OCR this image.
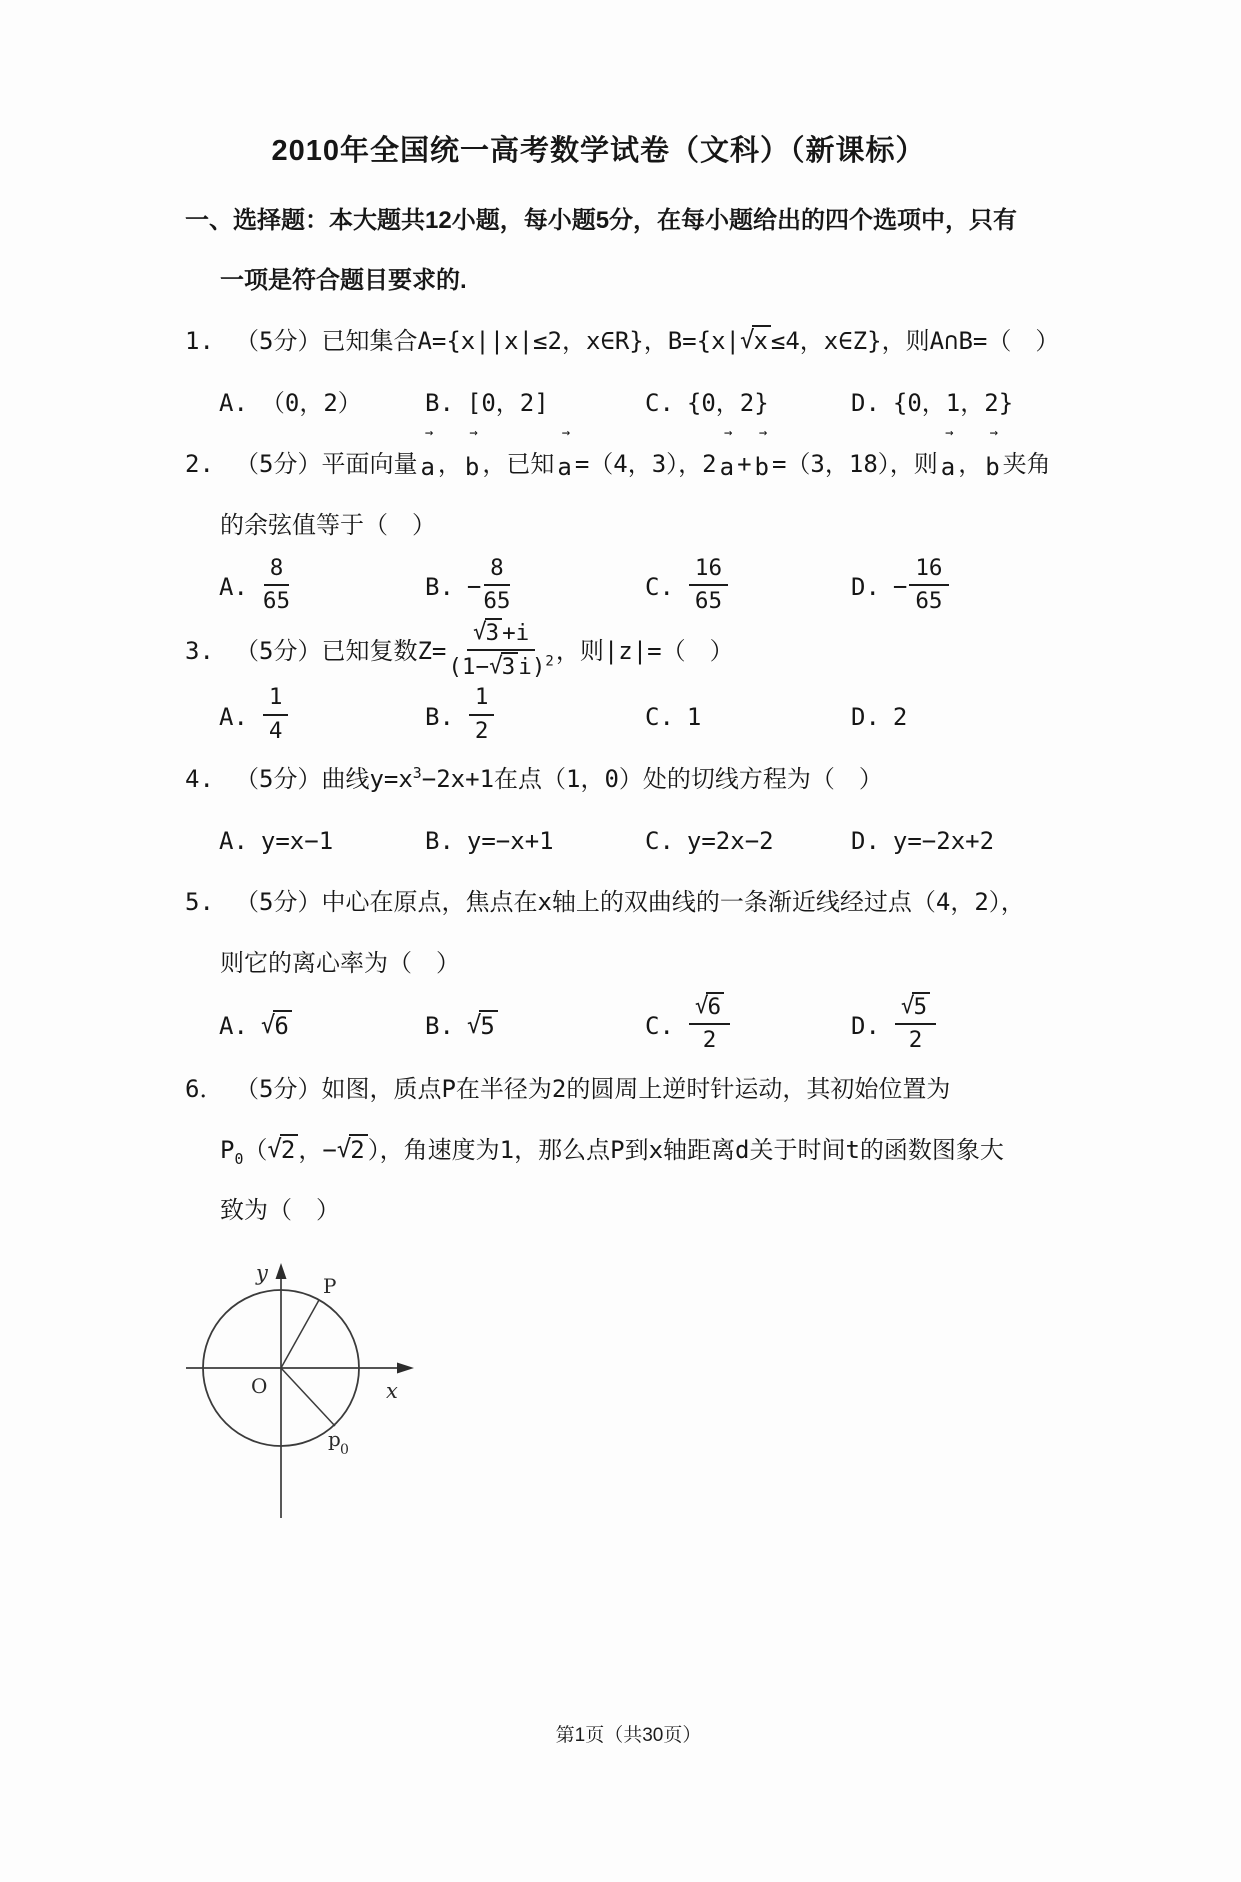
2010年全国统一高考数学试卷（文科）（新课标）
一、选择题：本大题共12小题，每小题5分，在每小题给出的四个选项中，只有
一项是符合题目要求的.
1. （5分）已知集合A={x||x|≤2，x∈R}，B={x|√x ≤4，x∈Z}，则A∩B=（　）
A. （0，2）	B. [0，2]	C. {0，2}	D. {0，1，2}
2. （5分）平面向量
→
a ，
→
b ，已知
→
a =（4，3），2
→
a +
→
b =（3，18），则
→
a ，
→
b 夹角
的余弦值等于（　）
A. $\frac{8}{65}$	B. − $\frac{8}{65}$	C. $\frac{16}{65}$	D. − $\frac{16}{65}$
3. （5分）已知复数$Z= \frac{√3 +i}{(1-√3 i)^2}$ ，则|z|=（　）
A. $\frac{1}{4}$	B. $\frac{1}{2}$	C. 1	D. 2
4. （5分）曲线$y=x^3-2x+1$在点（1，0）处的切线方程为（　）
A. y=x−1	B. y=−x+1	C. y=2x−2	D. y=−2x+2
5. （5分）中心在原点，焦点在x轴上的双曲线的一条渐近线经过点（4，2），
则它的离心率为（　）
A. √6	B. √5	C. $\frac{√6}{2}$	D. $\frac{√5}{2}$
6． （5分）如图，质点P在半径为2的圆周上逆时针运动，其初始位置为
$P_0(√2$ ，−√2 ），角速度为1，那么点P到x轴距离d关于时间t的函数图象大
致为（　）
y
x
O
P
p 0
第1页（共30页）
